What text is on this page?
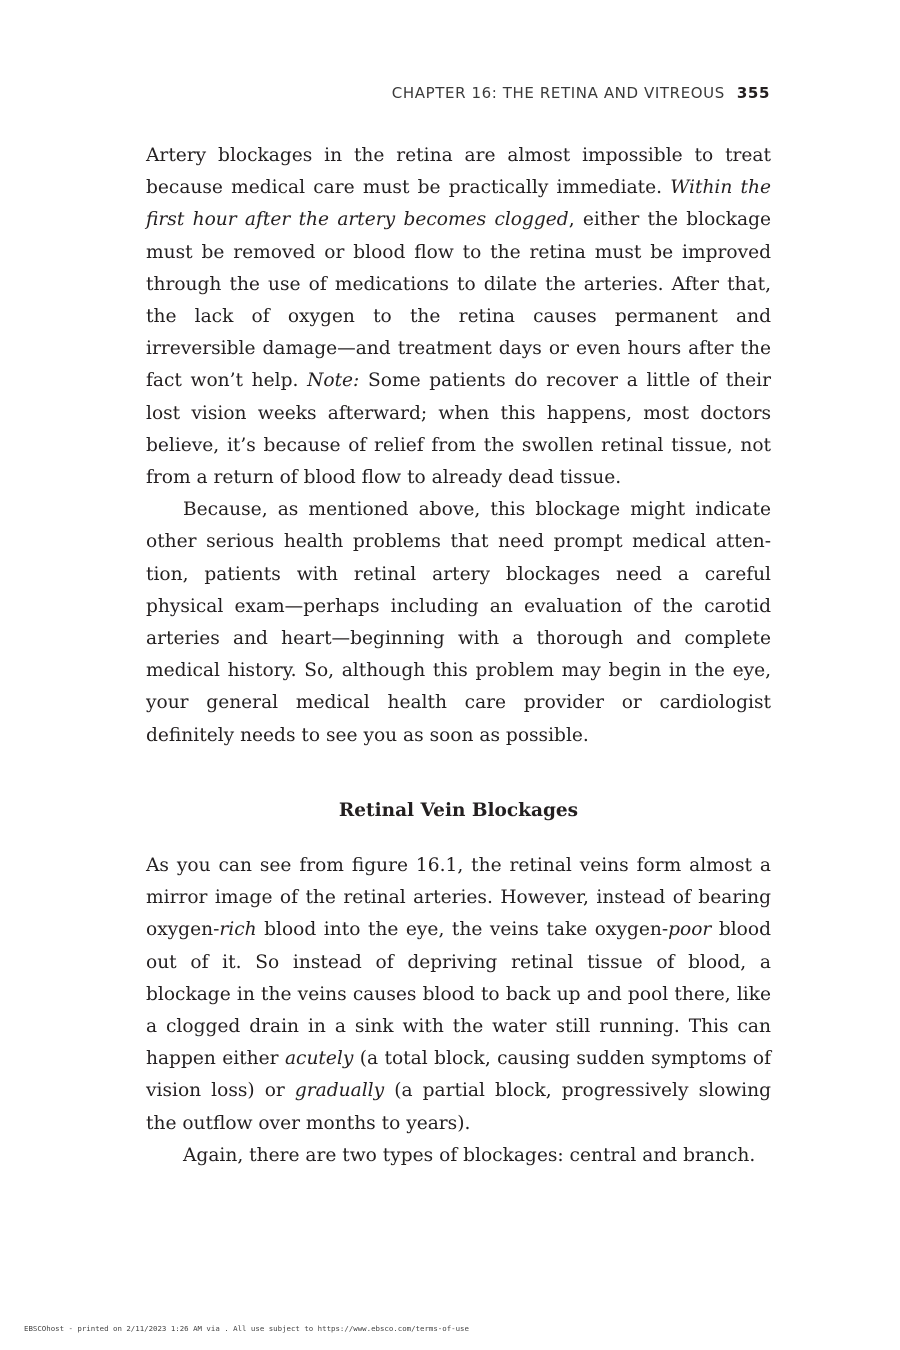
CHAPTER 16: THE RETINA AND VITREOUS 355

Artery blockages in the retina are almost impossible to treat because medical care must be practically immediate. Within the first hour after the artery becomes clogged, either the blockage must be removed or blood flow to the retina must be improved through the use of medications to dilate the arteries. After that, the lack of oxygen to the retina causes permanent and irreversible damage—and treatment days or even hours after the fact won’t help. Note: Some patients do recover a little of their lost vision weeks afterward; when this happens, most doctors believe, it’s because of relief from the swollen retinal tissue, not from a return of blood flow to already dead tissue.

Because, as mentioned above, this blockage might indicate other serious health problems that need prompt medical attention, patients with retinal artery blockages need a careful physical exam—perhaps including an evaluation of the carotid arteries and heart—beginning with a thorough and complete medical history. So, although this problem may begin in the eye, your general medical health care provider or cardiologist definitely needs to see you as soon as possible.

Retinal Vein Blockages

As you can see from figure 16.1, the retinal veins form almost a mirror image of the retinal arteries. However, instead of bearing oxygen-rich blood into the eye, the veins take oxygen-poor blood out of it. So instead of depriving retinal tissue of blood, a blockage in the veins causes blood to back up and pool there, like a clogged drain in a sink with the water still running. This can happen either acutely (a total block, causing sudden symptoms of vision loss) or gradually (a partial block, progressively slowing the outflow over months to years).

Again, there are two types of blockages: central and branch.

EBSCOhost - printed on 2/11/2023 1:26 AM via . All use subject to https://www.ebsco.com/terms-of-use
